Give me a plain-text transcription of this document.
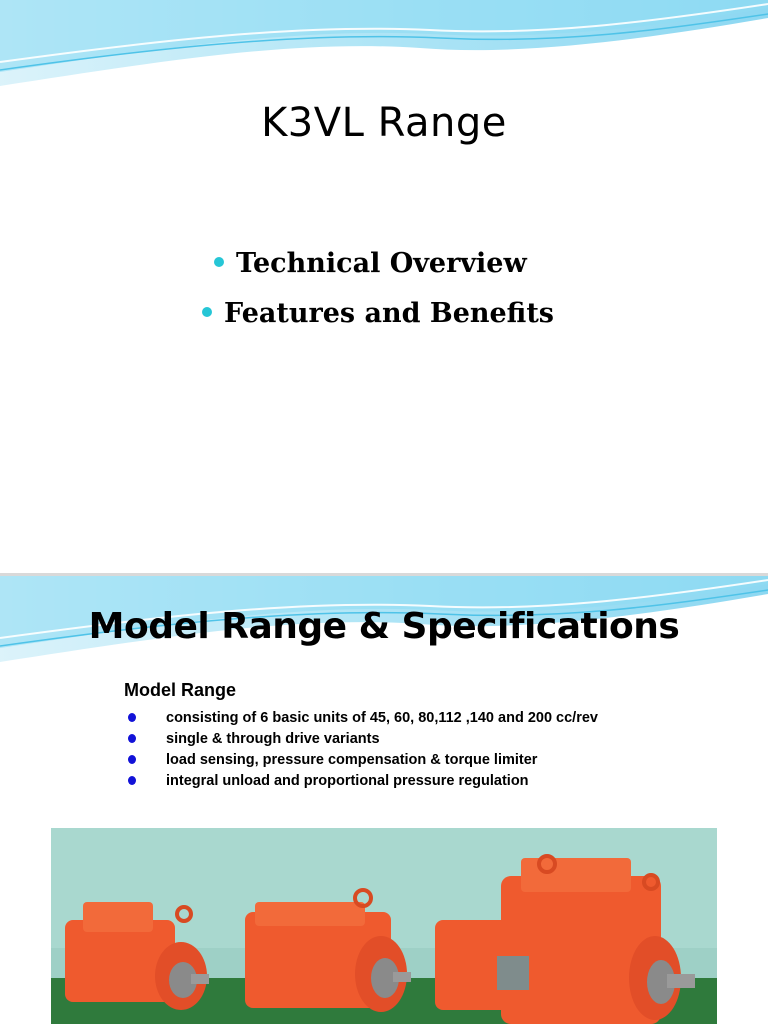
K3VL Range
Technical Overview
Features and Benefits
Model Range & Specifications
Model Range
consisting of 6 basic units of 45, 60, 80,112 ,140 and 200 cc/rev
single & through drive variants
load sensing, pressure compensation & torque limiter
integral unload and proportional pressure regulation
